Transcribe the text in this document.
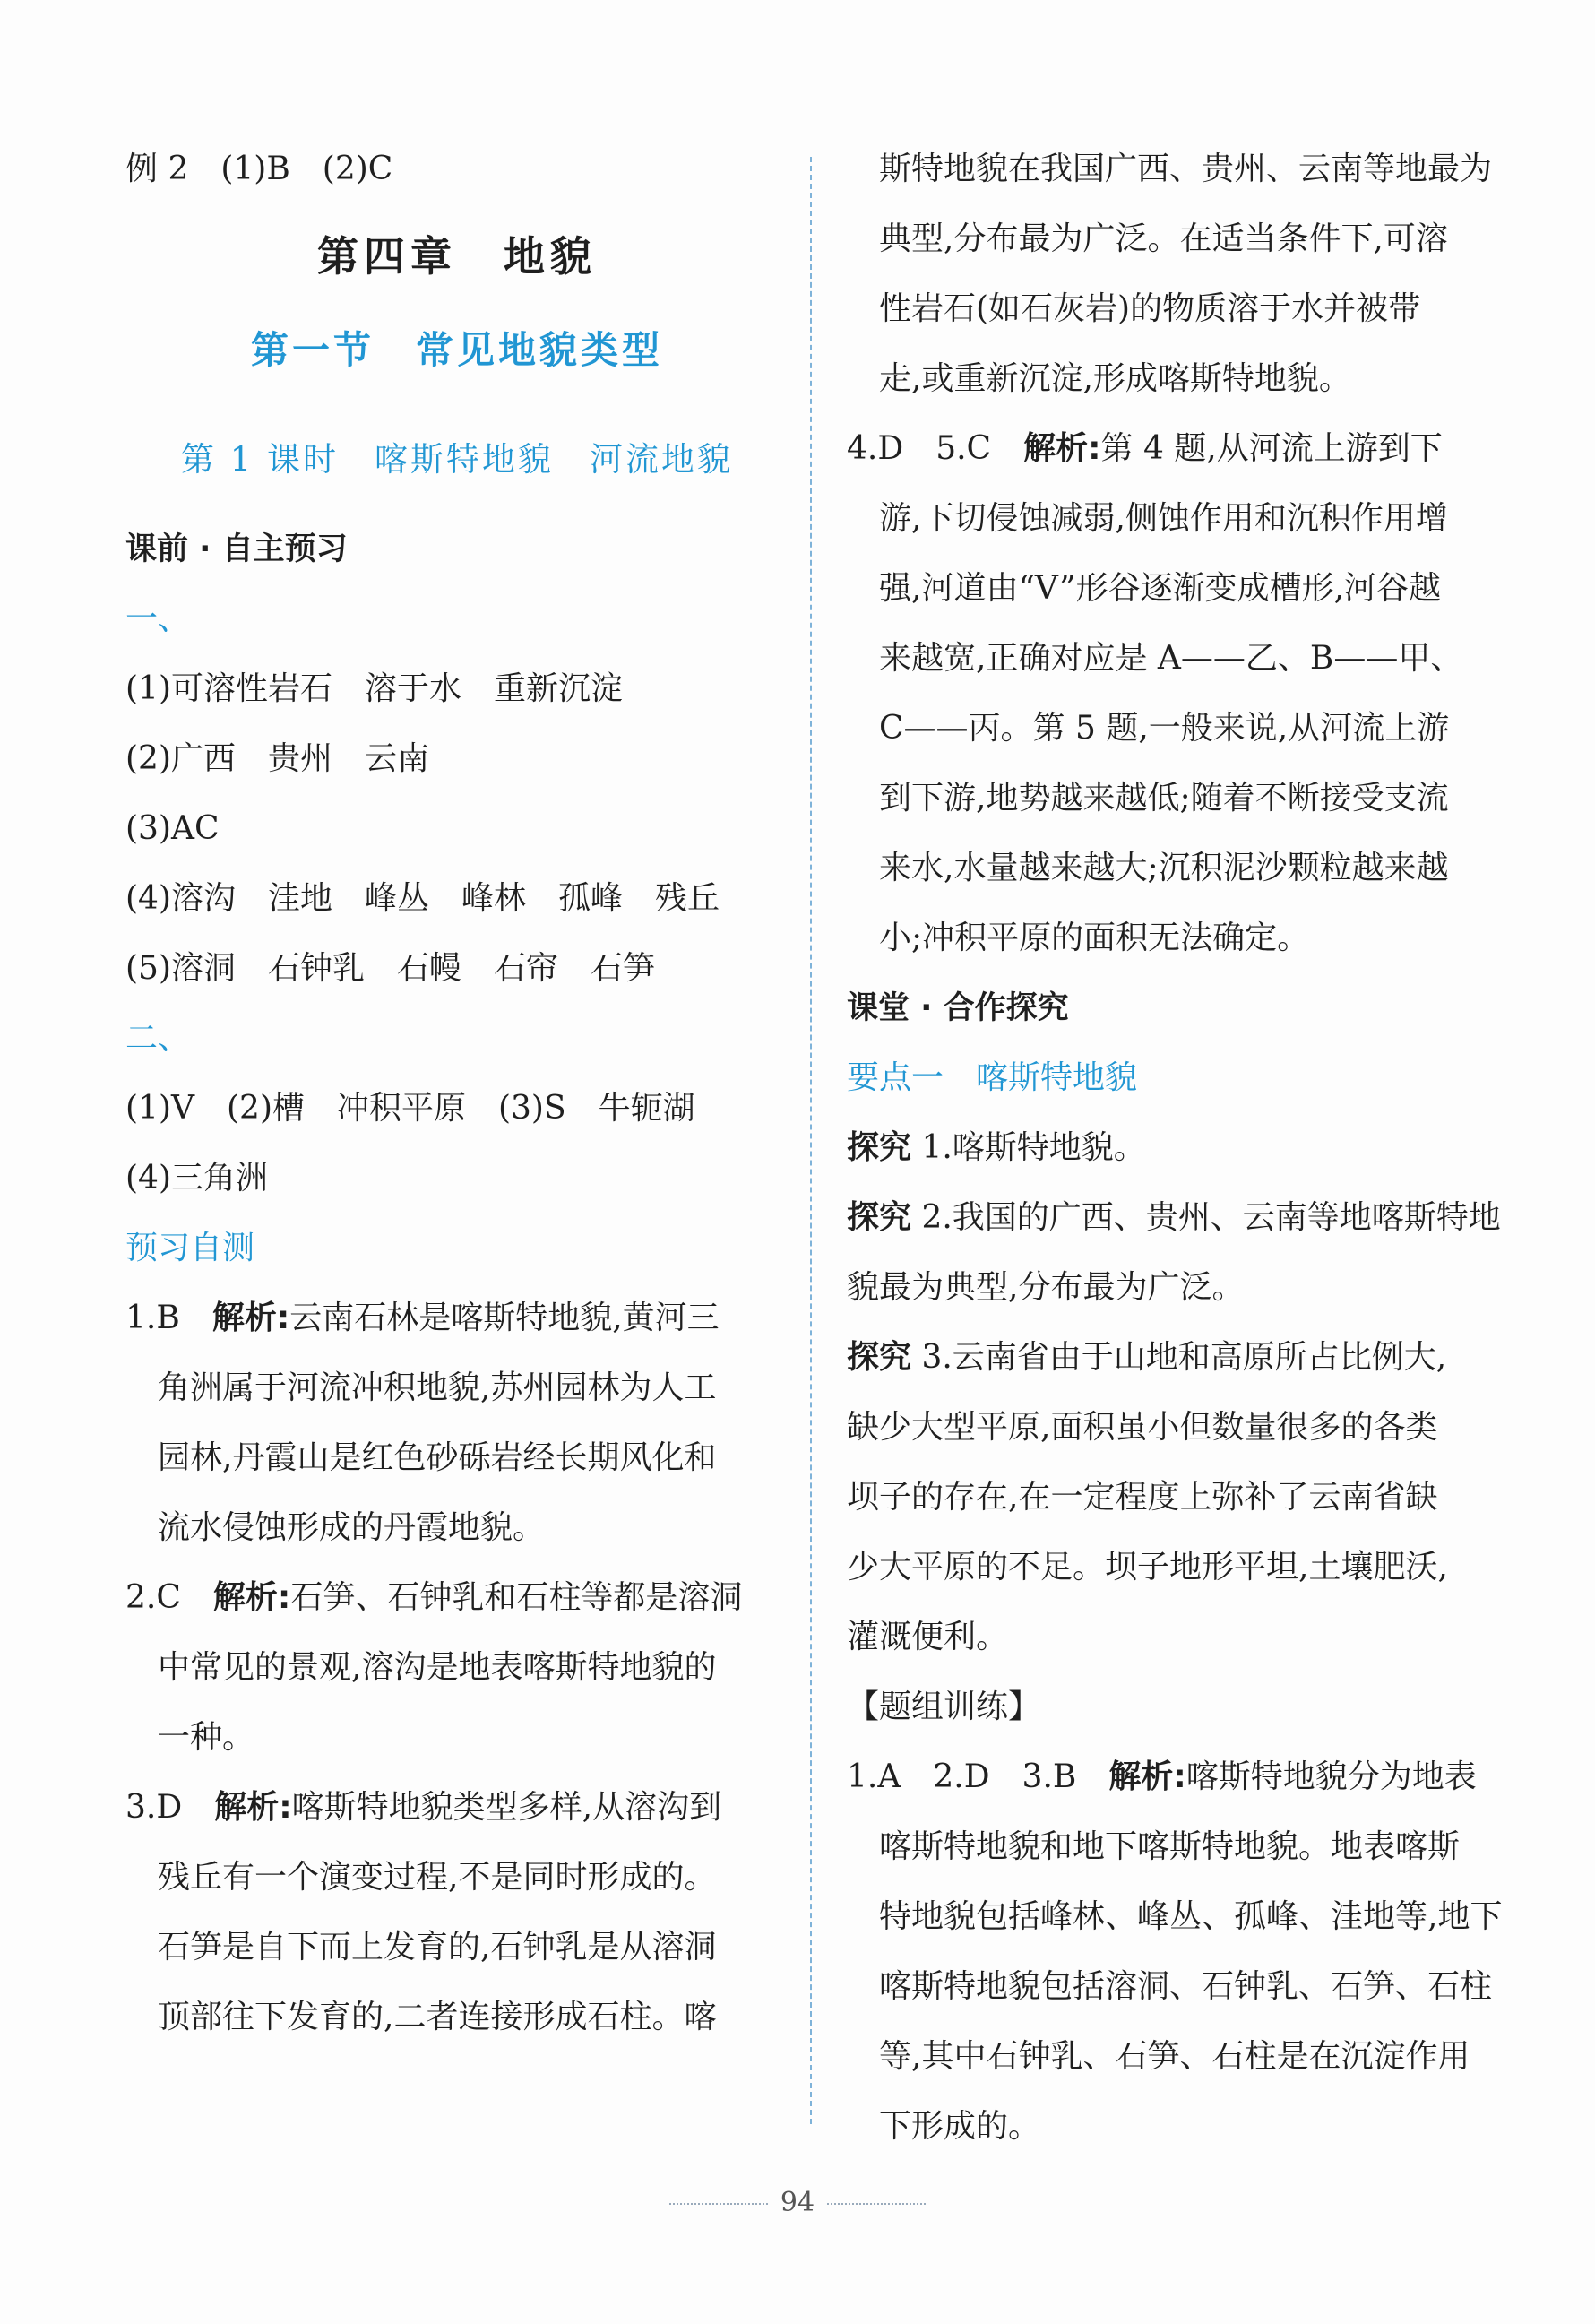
例 2　(1)B　(2)C
第四章　地貌
第一节　常见地貌类型
第 1 课时　喀斯特地貌　河流地貌
课前 · 自主预习
一、
(1)可溶性岩石　溶于水　重新沉淀
(2)广西　贵州　云南
(3)AC
(4)溶沟　洼地　峰丛　峰林　孤峰　残丘
(5)溶洞　石钟乳　石幔　石帘　石笋
二、
(1)V　(2)槽　冲积平原　(3)S　牛轭湖
(4)三角洲
预习自测
1.B　解析:云南石林是喀斯特地貌,黄河三
角洲属于河流冲积地貌,苏州园林为人工
园林,丹霞山是红色砂砾岩经长期风化和
流水侵蚀形成的丹霞地貌。
2.C　解析:石笋、石钟乳和石柱等都是溶洞
中常见的景观,溶沟是地表喀斯特地貌的
一种。
3.D　解析:喀斯特地貌类型多样,从溶沟到
残丘有一个演变过程,不是同时形成的。
石笋是自下而上发育的,石钟乳是从溶洞
顶部往下发育的,二者连接形成石柱。喀
斯特地貌在我国广西、贵州、云南等地最为
典型,分布最为广泛。在适当条件下,可溶
性岩石(如石灰岩)的物质溶于水并被带
走,或重新沉淀,形成喀斯特地貌。
4.D　5.C　解析:第 4 题,从河流上游到下
游,下切侵蚀减弱,侧蚀作用和沉积作用增
强,河道由“V”形谷逐渐变成槽形,河谷越
来越宽,正确对应是 A——乙、B——甲、
C——丙。第 5 题,一般来说,从河流上游
到下游,地势越来越低;随着不断接受支流
来水,水量越来越大;沉积泥沙颗粒越来越
小;冲积平原的面积无法确定。
课堂 · 合作探究
要点一　喀斯特地貌
探究 1.喀斯特地貌。
探究 2.我国的广西、贵州、云南等地喀斯特地
貌最为典型,分布最为广泛。
探究 3.云南省由于山地和高原所占比例大,
缺少大型平原,面积虽小但数量很多的各类
坝子的存在,在一定程度上弥补了云南省缺
少大平原的不足。坝子地形平坦,土壤肥沃,
灌溉便利。
【题组训练】
1.A　2.D　3.B　解析:喀斯特地貌分为地表
喀斯特地貌和地下喀斯特地貌。地表喀斯
特地貌包括峰林、峰丛、孤峰、洼地等,地下
喀斯特地貌包括溶洞、石钟乳、石笋、石柱
等,其中石钟乳、石笋、石柱是在沉淀作用
下形成的。
94
